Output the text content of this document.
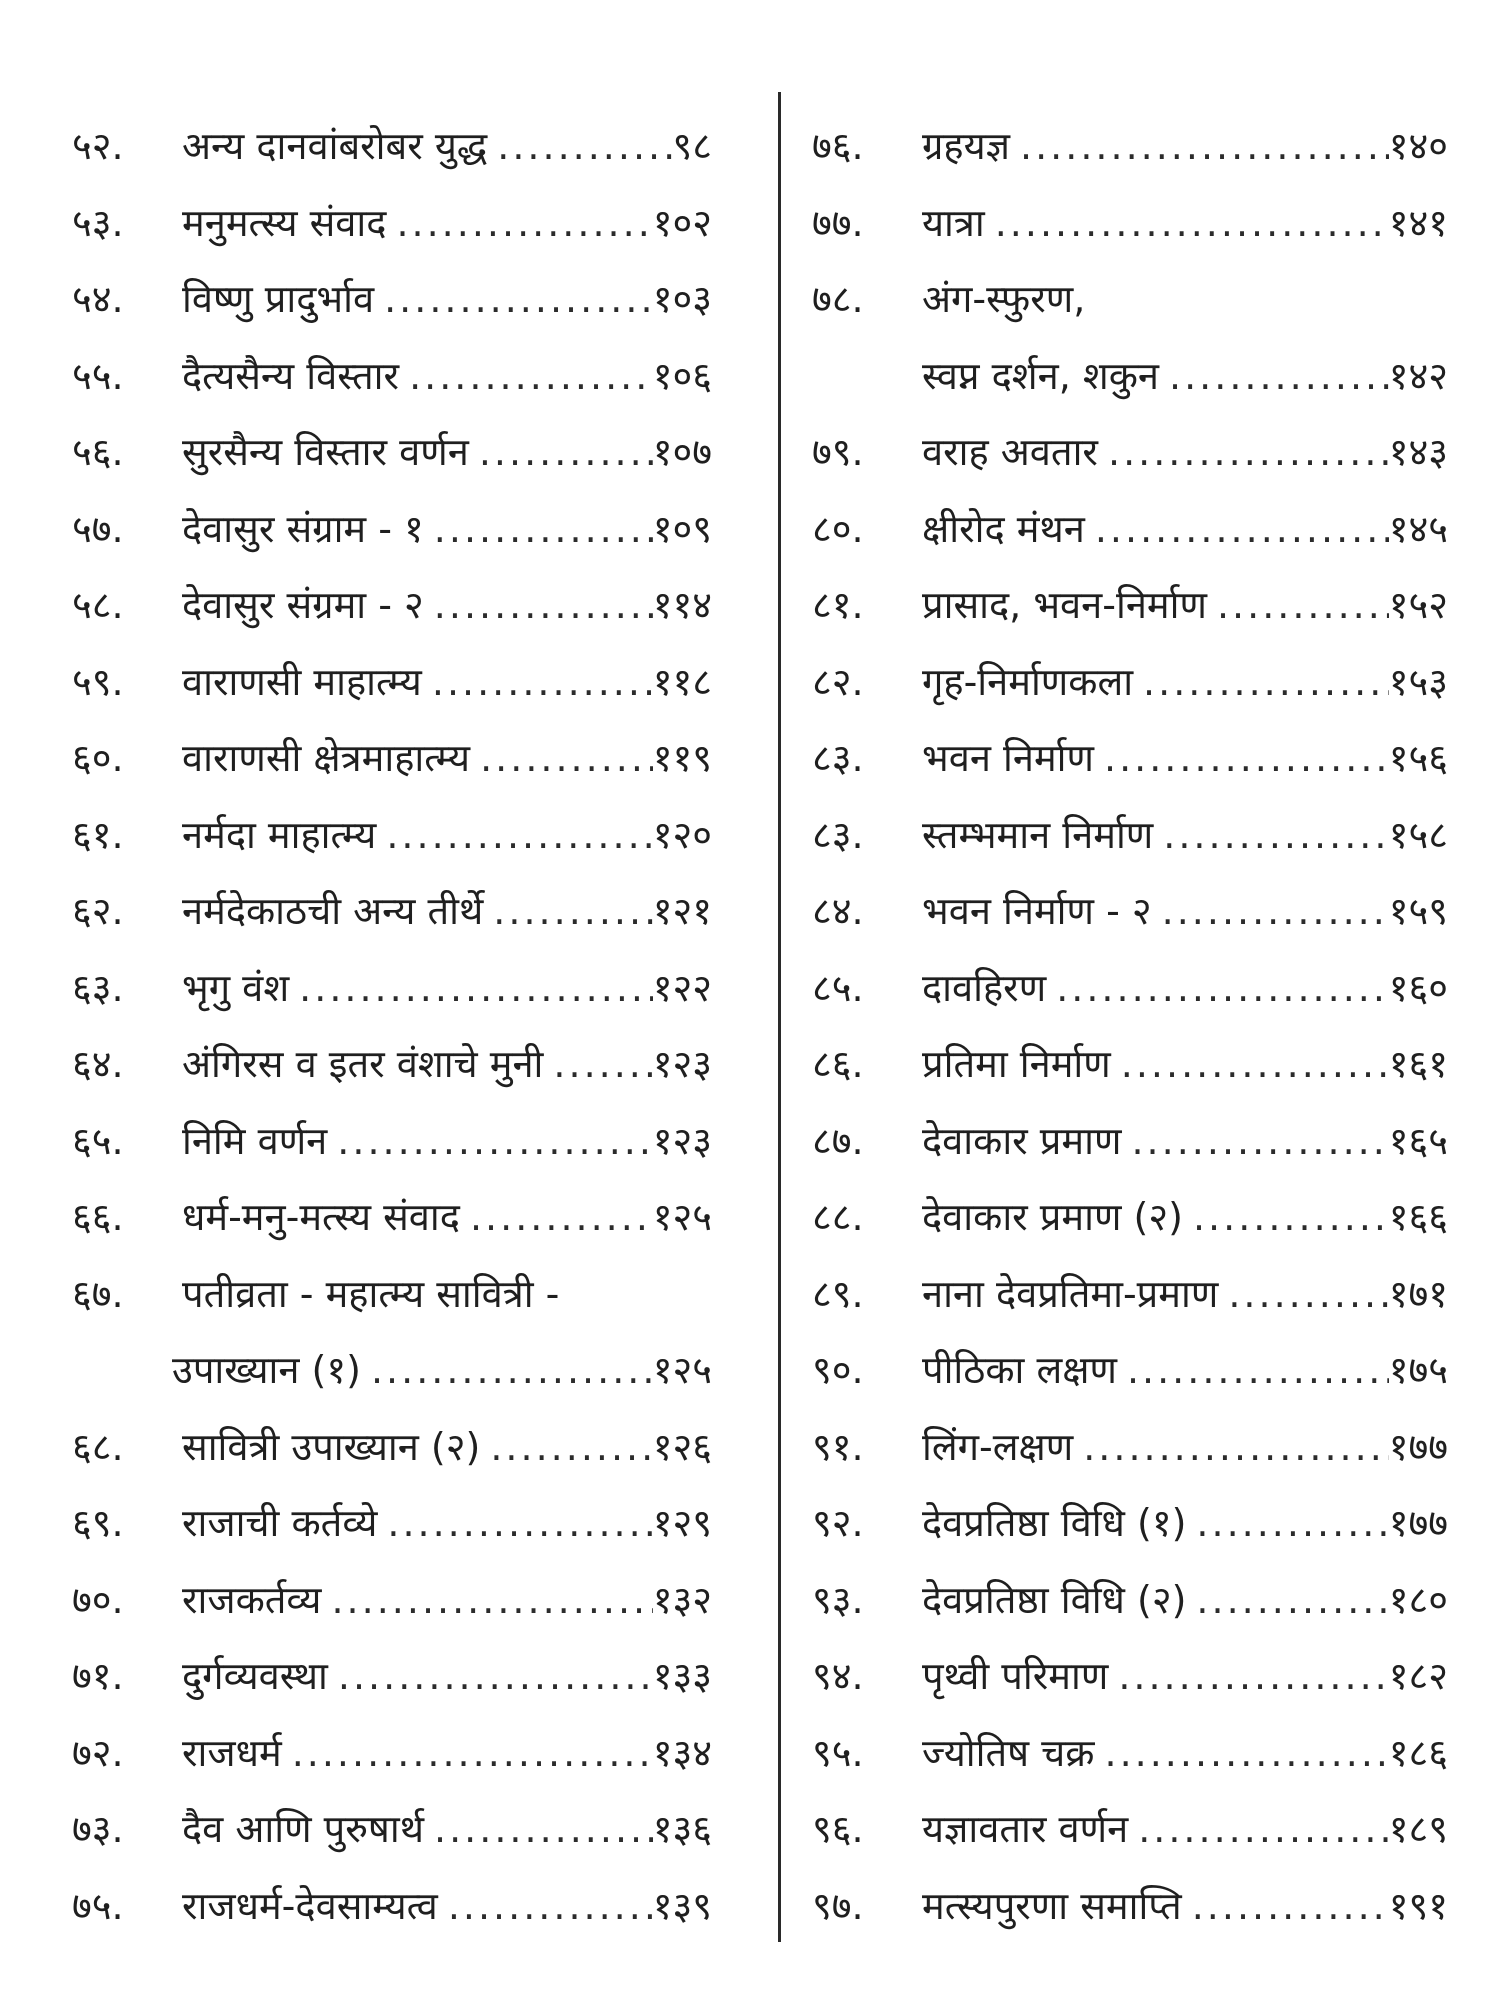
५२.	अन्य दानवांबरोबर युद्ध .....	९८
५३.	मनुमत्स्य संवाद .....	१०२
५४.	विष्णु प्रादुर्भाव .....	१०३
५५.	दैत्यसैन्य विस्तार .....	१०६
५६.	सुरसैन्य विस्तार वर्णन .....	१०७
५७.	देवासुर संग्राम - १ .....	१०९
५८.	देवासुर संग्रमा - २ .....	११४
५९.	वाराणसी माहात्म्य .....	११८
६०.	वाराणसी क्षेत्रमाहात्म्य .....	११९
६१.	नर्मदा माहात्म्य .....	१२०
६२.	नर्मदेकाठची अन्य तीर्थे .....	१२१
६३.	भृगु वंश .....	१२२
६४.	अंगिरस व इतर वंशाचे मुनी .....	१२३
६५.	निमि वर्णन .....	१२३
६६.	धर्म-मनु-मत्स्य संवाद .....	१२५
६७.	पतीव्रता - महात्म्य सावित्री -
उपाख्यान (१) .....	१२५
६८.	सावित्री उपाख्यान (२) .....	१२६
६९.	राजाची कर्तव्ये .....	१२९
७०.	राजकर्तव्य .....	१३२
७१.	दुर्गव्यवस्था .....	१३३
७२.	राजधर्म .....	१३४
७३.	दैव आणि पुरुषार्थ .....	१३६
७५.	राजधर्म-देवसाम्यत्व .....	१३९
७६.	ग्रहयज्ञ .....	१४०
७७.	यात्रा .....	१४१
७८.	अंग-स्फुरण,
स्वप्न दर्शन, शकुन .....	१४२
७९.	वराह अवतार .....	१४३
८०.	क्षीरोद मंथन .....	१४५
८१.	प्रासाद, भवन-निर्माण .....	१५२
८२.	गृह-निर्माणकला .....	१५३
८३.	भवन निर्माण .....	१५६
८३.	स्तम्भमान निर्माण .....	१५८
८४.	भवन निर्माण - २ .....	१५९
८५.	दावहिरण .....	१६०
८६.	प्रतिमा निर्माण .....	१६१
८७.	देवाकार प्रमाण .....	१६५
८८.	देवाकार प्रमाण (२) .....	१६६
८९.	नाना देवप्रतिमा-प्रमाण .....	१७१
९०.	पीठिका लक्षण .....	१७५
९१.	लिंग-लक्षण .....	१७७
९२.	देवप्रतिष्ठा विधि (१) .....	१७७
९३.	देवप्रतिष्ठा विधि (२) .....	१८०
९४.	पृथ्वी परिमाण .....	१८२
९५.	ज्योतिष चक्र .....	१८६
९६.	यज्ञावतार वर्णन .....	१८९
९७.	मत्स्यपुरणा समाप्ति .....	१९१
